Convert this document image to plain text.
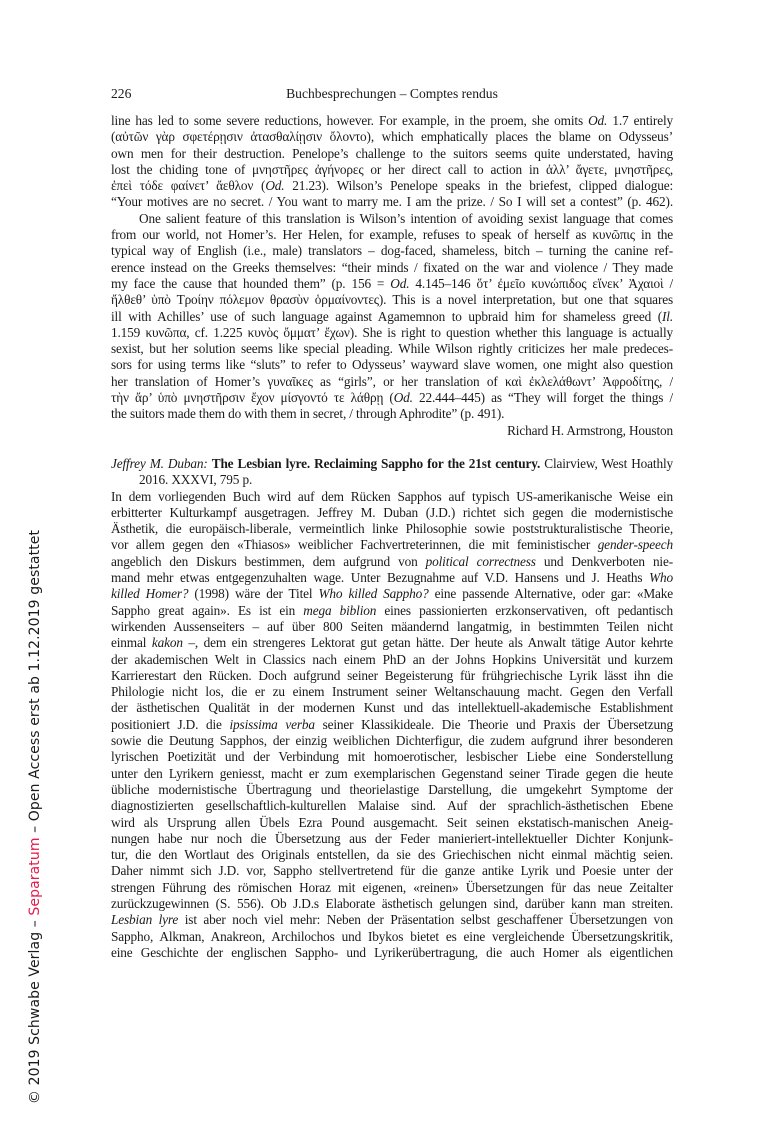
226	Buchbesprechungen – Comptes rendus
line has led to some severe reductions, however. For example, in the proem, she omits Od. 1.7 entirely
(αὐτῶν γὰρ σφετέρῃσιν ἀτασθαλίῃσιν ὄλοντο), which emphatically places the blame on Odysseus’
own men for their destruction. Penelope’s challenge to the suitors seems quite understated, having
lost the chiding tone of μνηστῆρες ἀγήνορες or her direct call to action in ἀλλ’ ἄγετε, μνηστῆρες,
ἐπεὶ τόδε φαίνετ’ ἄεθλον (Od. 21.23). Wilson’s Penelope speaks in the briefest, clipped dialogue:
“Your motives are no secret. / You want to marry me. I am the prize. / So I will set a contest” (p. 462).
One salient feature of this translation is Wilson’s intention of avoiding sexist language that comes
from our world, not Homer’s. Her Helen, for example, refuses to speak of herself as κυνῶπις in the
typical way of English (i.e., male) translators – dog-faced, shameless, bitch – turning the canine ref-
erence instead on the Greeks themselves: “their minds / fixated on the war and violence / They made
my face the cause that hounded them” (p. 156 = Od. 4.145–146 ὅτ’ ἐμεῖο κυνώπιδος εἵνεκ’ Ἀχαιοὶ /
ἤλθεθ’ ὑπὸ Τροίην πόλεμον θρασὺν ὁρμαίνοντες). This is a novel interpretation, but one that squares
ill with Achilles’ use of such language against Agamemnon to upbraid him for shameless greed (Il.
1.159 κυνῶπα, cf. 1.225 κυνὸς ὄμματ’ ἔχων). She is right to question whether this language is actually
sexist, but her solution seems like special pleading. While Wilson rightly criticizes her male predeces-
sors for using terms like “sluts” to refer to Odysseus’ wayward slave women, one might also question
her translation of Homer’s γυναῖκες as “girls”, or her translation of καὶ ἐκλελάθωντ’ Ἀφροδίτης, /
τὴν ἄρ’ ὑπὸ μνηστῆρσιν ἔχον μίσγοντό τε λάθρῃ (Od. 22.444–445) as “They will forget the things /
the suitors made them do with them in secret, / through Aphrodite” (p. 491).
Richard H. Armstrong, Houston
Jeffrey M. Duban: The Lesbian lyre. Reclaiming Sappho for the 21st century. Clairview, West Hoathly
2016. XXXVI, 795 p.
In dem vorliegenden Buch wird auf dem Rücken Sapphos auf typisch US-amerikanische Weise ein
erbitterter Kulturkampf ausgetragen. Jeffrey M. Duban (J.D.) richtet sich gegen die modernistische
Ästhetik, die europäisch-liberale, vermeintlich linke Philosophie sowie poststrukturalistische Theorie,
vor allem gegen den «Thiasos» weiblicher Fachvertreterinnen, die mit feministischer gender-speech
angeblich den Diskurs bestimmen, dem aufgrund von political correctness und Denkverboten nie-
mand mehr etwas entgegenzuhalten wage. Unter Bezugnahme auf V.D. Hansens und J. Heaths Who
killed Homer? (1998) wäre der Titel Who killed Sappho? eine passende Alternative, oder gar: «Make
Sappho great again». Es ist ein mega biblion eines passionierten erzkonservativen, oft pedantisch
wirkenden Aussenseiters – auf über 800 Seiten mäandernd langatmig, in bestimmten Teilen nicht
einmal kakon –, dem ein strengeres Lektorat gut getan hätte. Der heute als Anwalt tätige Autor kehrte
der akademischen Welt in Classics nach einem PhD an der Johns Hopkins Universität und kurzem
Karrierestart den Rücken. Doch aufgrund seiner Begeisterung für frühgriechische Lyrik lässt ihn die
Philologie nicht los, die er zu einem Instrument seiner Weltanschauung macht. Gegen den Verfall
der ästhetischen Qualität in der modernen Kunst und das intellektuell-akademische Establishment
positioniert J.D. die ipsissima verba seiner Klassikideale. Die Theorie und Praxis der Übersetzung
sowie die Deutung Sapphos, der einzig weiblichen Dichterfigur, die zudem aufgrund ihrer besonderen
lyrischen Poetizität und der Verbindung mit homoerotischer, lesbischer Liebe eine Sonderstellung
unter den Lyrikern geniesst, macht er zum exemplarischen Gegenstand seiner Tirade gegen die heute
übliche modernistische Übertragung und theorielastige Darstellung, die umgekehrt Symptome der
diagnostizierten gesellschaftlich-kulturellen Malaise sind. Auf der sprachlich-ästhetischen Ebene
wird als Ursprung allen Übels Ezra Pound ausgemacht. Seit seinen ekstatisch-manischen Aneig-
nungen habe nur noch die Übersetzung aus der Feder manieriert-intellektueller Dichter Konjunk-
tur, die den Wortlaut des Originals entstellen, da sie des Griechischen nicht einmal mächtig seien.
Daher nimmt sich J.D. vor, Sappho stellvertretend für die ganze antike Lyrik und Poesie unter der
strengen Führung des römischen Horaz mit eigenen, «reinen» Übersetzungen für das neue Zeitalter
zurückzugewinnen (S. 556). Ob J.D.s Elaborate ästhetisch gelungen sind, darüber kann man streiten.
Lesbian lyre ist aber noch viel mehr: Neben der Präsentation selbst geschaffener Übersetzungen von
Sappho, Alkman, Anakreon, Archilochos und Ibykos bietet es eine vergleichende Übersetzungskritik,
eine Geschichte der englischen Sappho- und Lyrikerübertragung, die auch Homer als eigentlichen
© 2019 Schwabe Verlag – Separatum – Open Access erst ab 1.12.2019 gestattet
